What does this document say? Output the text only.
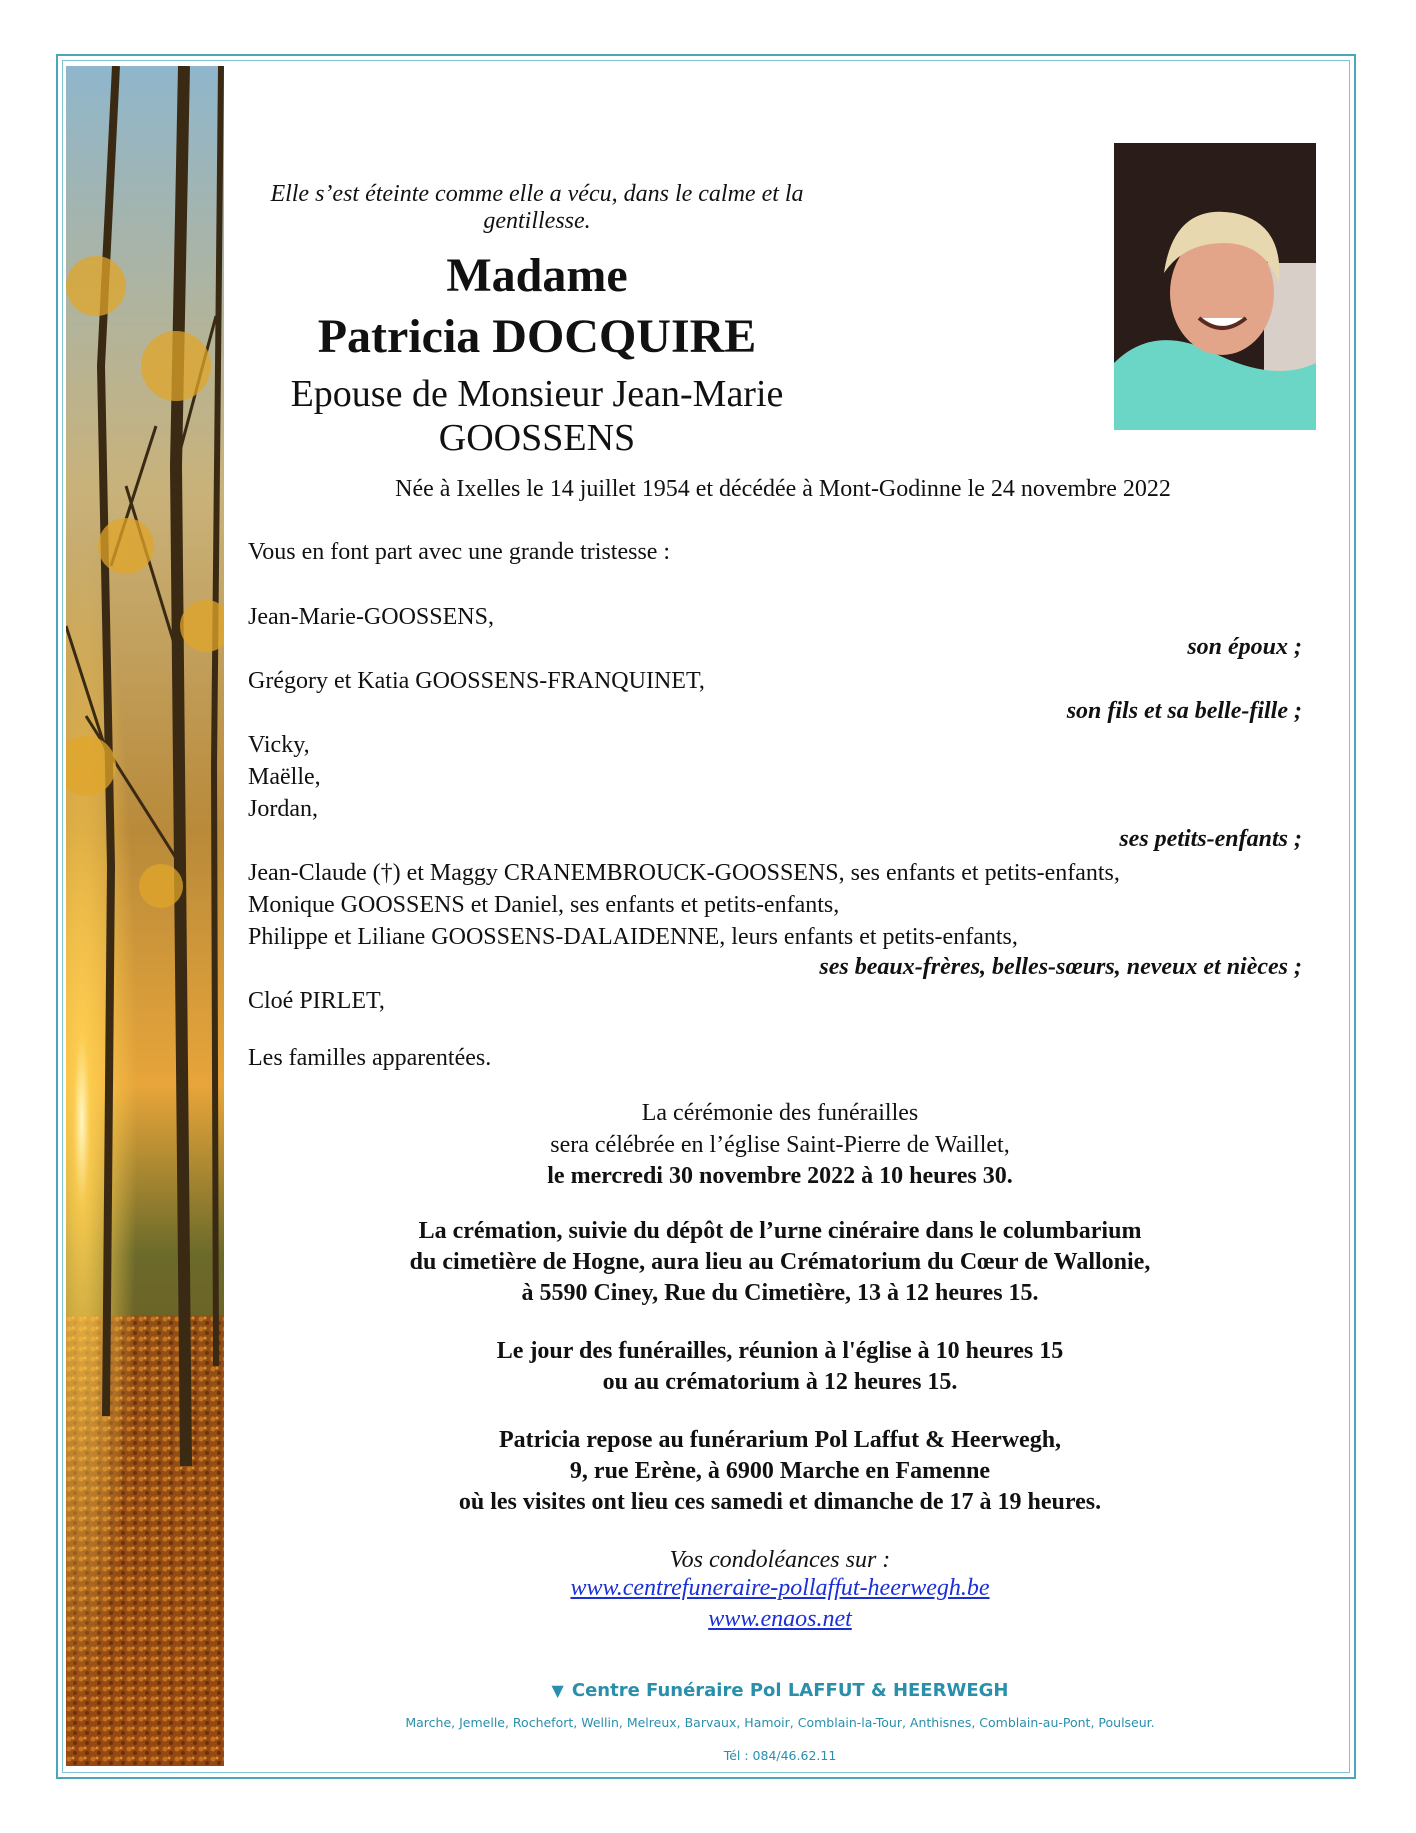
Elle s’est éteinte comme elle a vécu, dans le calme et la gentillesse.

Madame

Patricia DOCQUIRE

Epouse de Monsieur Jean-Marie GOOSSENS

Née à Ixelles le 14 juillet 1954 et décédée à Mont-Godinne le 24 novembre 2022

Vous en font part avec une grande tristesse :

Jean-Marie-GOOSSENS,

son époux ;

Grégory et Katia GOOSSENS-FRANQUINET,

son fils et sa belle-fille ;

Vicky,

Maëlle,

Jordan,

ses petits-enfants ;

Jean-Claude (†) et Maggy CRANEMBROUCK-GOOSSENS, ses enfants et petits-enfants,

Monique GOOSSENS et Daniel, ses enfants et petits-enfants,

Philippe et Liliane GOOSSENS-DALAIDENNE, leurs enfants et petits-enfants,

ses beaux-frères, belles-sœurs, neveux et nièces ;

Cloé PIRLET,

Les familles apparentées.

La cérémonie des funérailles

sera célébrée en l’église Saint-Pierre de Waillet,

le mercredi 30 novembre 2022 à 10 heures 30.

La crémation, suivie du dépôt de l’urne cinéraire dans le columbarium

du cimetière de Hogne, aura lieu au Crématorium du Cœur de Wallonie,

à 5590 Ciney, Rue du Cimetière, 13 à 12 heures 15.

Le jour des funérailles, réunion à l'église à 10 heures 15

ou au crématorium à 12 heures 15.

Patricia repose au funérarium Pol Laffut & Heerwegh,

9, rue Erène, à 6900 Marche en Famenne

où les visites ont lieu ces samedi et dimanche de 17 à 19 heures.

Vos condoléances sur :

www.centrefuneraire-pollaffut-heerwegh.be

www.enaos.net

▼ Centre Funéraire Pol LAFFUT & HEERWEGH
Marche, Jemelle, Rochefort, Wellin, Melreux, Barvaux, Hamoir, Comblain-la-Tour, Anthisnes, Comblain-au-Pont, Poulseur.
Tél : 084/46.62.11
